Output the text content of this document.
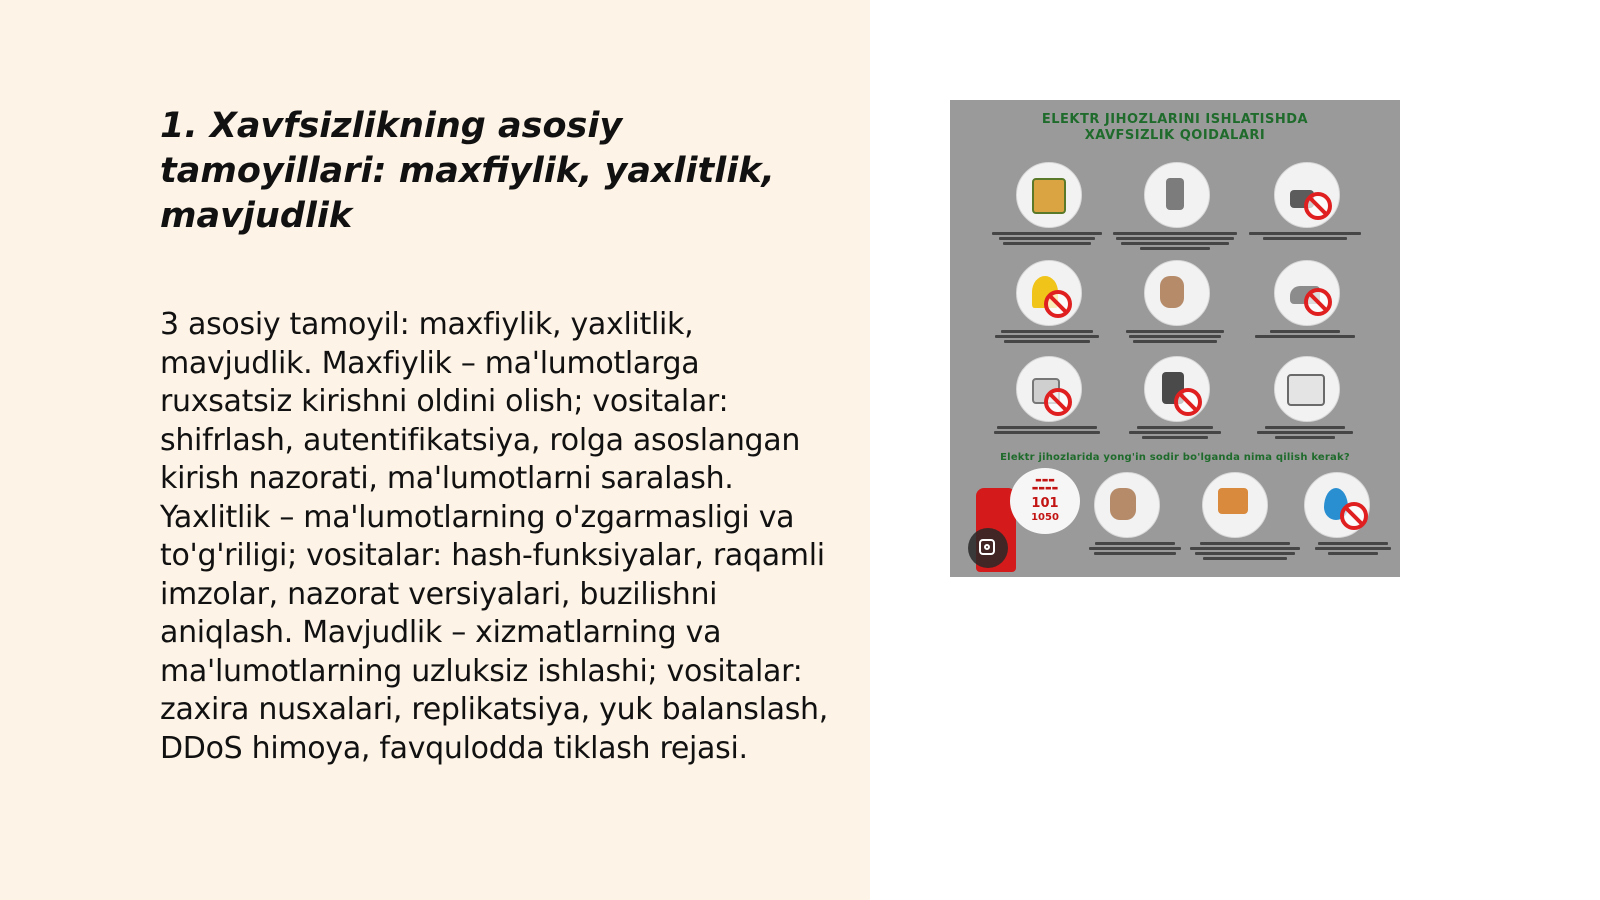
1. Xavfsizlikning asosiy tamoyillari: maxfiylik, yaxlitlik, mavjudlik

3 asosiy tamoyil: maxfiylik, yaxlitlik, mavjudlik. Maxfiylik – ma'lumotlarga ruxsatsiz kirishni oldini olish; vositalar: shifrlash, autentifikatsiya, rolga asoslangan kirish nazorati, ma'lumotlarni saralash. Yaxlitlik – ma'lumotlarning o'zgarmasligi va to'g'riligi; vositalar: hash-funksiyalar, raqamli imzolar, nazorat versiyalari, buzilishni aniqlash. Mavjudlik – xizmatlarning va ma'lumotlarning uzluksiz ishlashi; vositalar: zaxira nusxalari, replikatsiya, yuk balanslash, DDoS himoya, favqulodda tiklash rejasi.

ELEKTR JIHOZLARINI ISHLATISHDA
XAVFSIZLIK QOIDALARI
Elektr jihozlarida yong'in sodir bo'lganda nima qilish kerak?
▬▬▬
▬▬▬▬
101
1050
